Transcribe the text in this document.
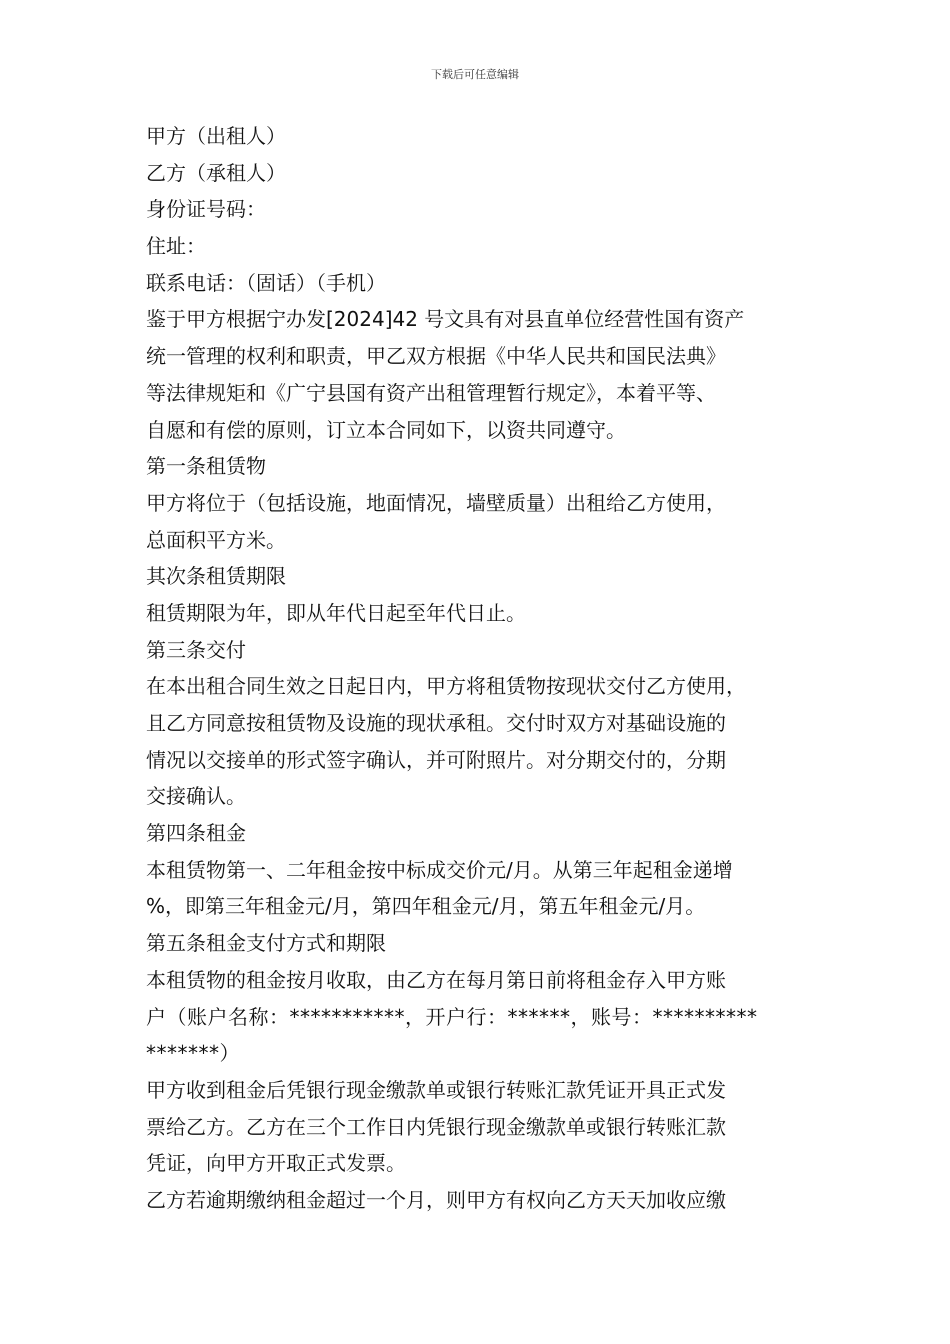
下载后可任意编辑
甲方（出租人）
乙方（承租人）
身份证号码：
住址：
联系电话：（固话）（手机）
鉴于甲方根据宁办发[2024]42 号文具有对县直单位经营性国有资产
统一管理的权利和职责，甲乙双方根据《中华人民共和国民法典》
等法律规矩和《广宁县国有资产出租管理暂行规定》，本着平等、
自愿和有偿的原则，订立本合同如下，以资共同遵守。
第一条租赁物
甲方将位于（包括设施，地面情况，墙壁质量）出租给乙方使用，
总面积平方米。
其次条租赁期限
租赁期限为年，即从年代日起至年代日止。
第三条交付
在本出租合同生效之日起日内，甲方将租赁物按现状交付乙方使用，
且乙方同意按租赁物及设施的现状承租。交付时双方对基础设施的
情况以交接单的形式签字确认，并可附照片。对分期交付的，分期
交接确认。
第四条租金
本租赁物第一、二年租金按中标成交价元/月。从第三年起租金递增
%，即第三年租金元/月，第四年租金元/月，第五年租金元/月。
第五条租金支付方式和期限
本租赁物的租金按月收取，由乙方在每月第日前将租金存入甲方账
户（账户名称：***********，开户行：******，账号：**********
*******）
甲方收到租金后凭银行现金缴款单或银行转账汇款凭证开具正式发
票给乙方。乙方在三个工作日内凭银行现金缴款单或银行转账汇款
凭证，向甲方开取正式发票。
乙方若逾期缴纳租金超过一个月，则甲方有权向乙方天天加收应缴
